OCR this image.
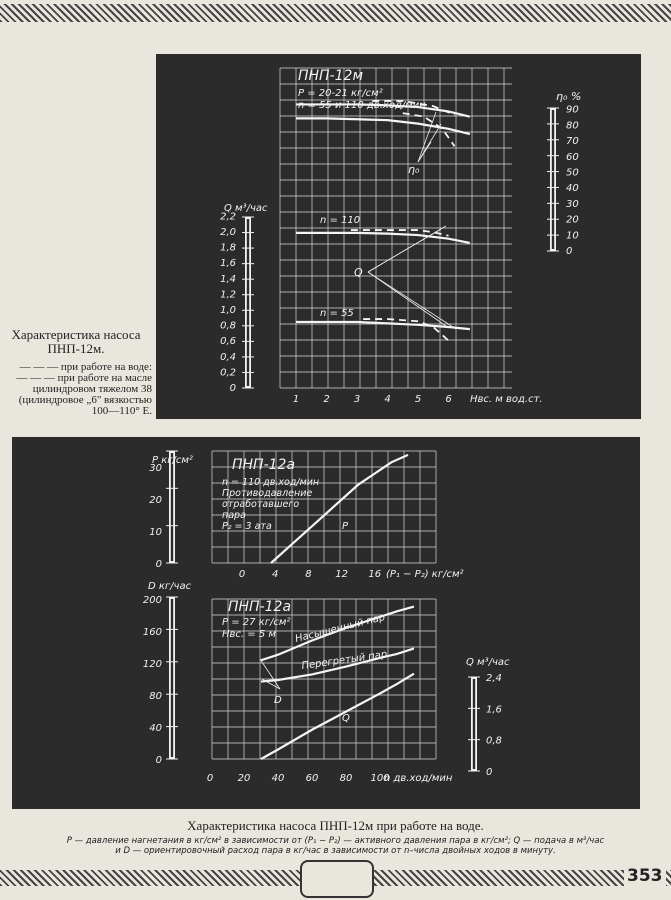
Характеристика насоса ПНП-12м.
— — — при работе на воде:
— — — при работе на масле цилиндровом тяжелом 38 (цилиндровое „6" вязкостью 100—110° Е.
0
0,2
0,4
0,6
0,8
1,0
1,2
1,4
1,6
1,8
2,0
2,2
Q м³/час
0
10
20
30
40
50
60
70
80
90
η₀ %
1 2 3 4 5 6 Hвс. м вод.ст.
ПНП-12м
P = 20-21 кг/см²
n = 55 и 110 дв.ход/мин
n = 110
n = 55
Q
η₀
0
10
20
30
P кг/см²
0	4	8 12 16 (P₁ − P₂) кг/см²
ПНП-12а
n = 110 дв.ход/мин
Противодавление
отработавшего
пара
P₂ = 3 ата	P
0
40
80
120
160
200
D кг/час
0 20 40 60 80 100
n дв.ход/мин
ПНП-12а
P = 27 кг/см²
Hвс. = 5 м Насыщенный пар
Перегретый пар
Q
D
0
0,8
1,6
2,4
Q м³/час
Характеристика насоса ПНП-12м при работе на воде.
P — давление нагнетания в кг/см² в зависимости от (P₁ − P₂) — активного давления пара в кг/см²; Q — подача в м³/час
и D — ориентировочный расход пара в кг/час в зависимости от n–числа двойных ходов в минуту.
353
